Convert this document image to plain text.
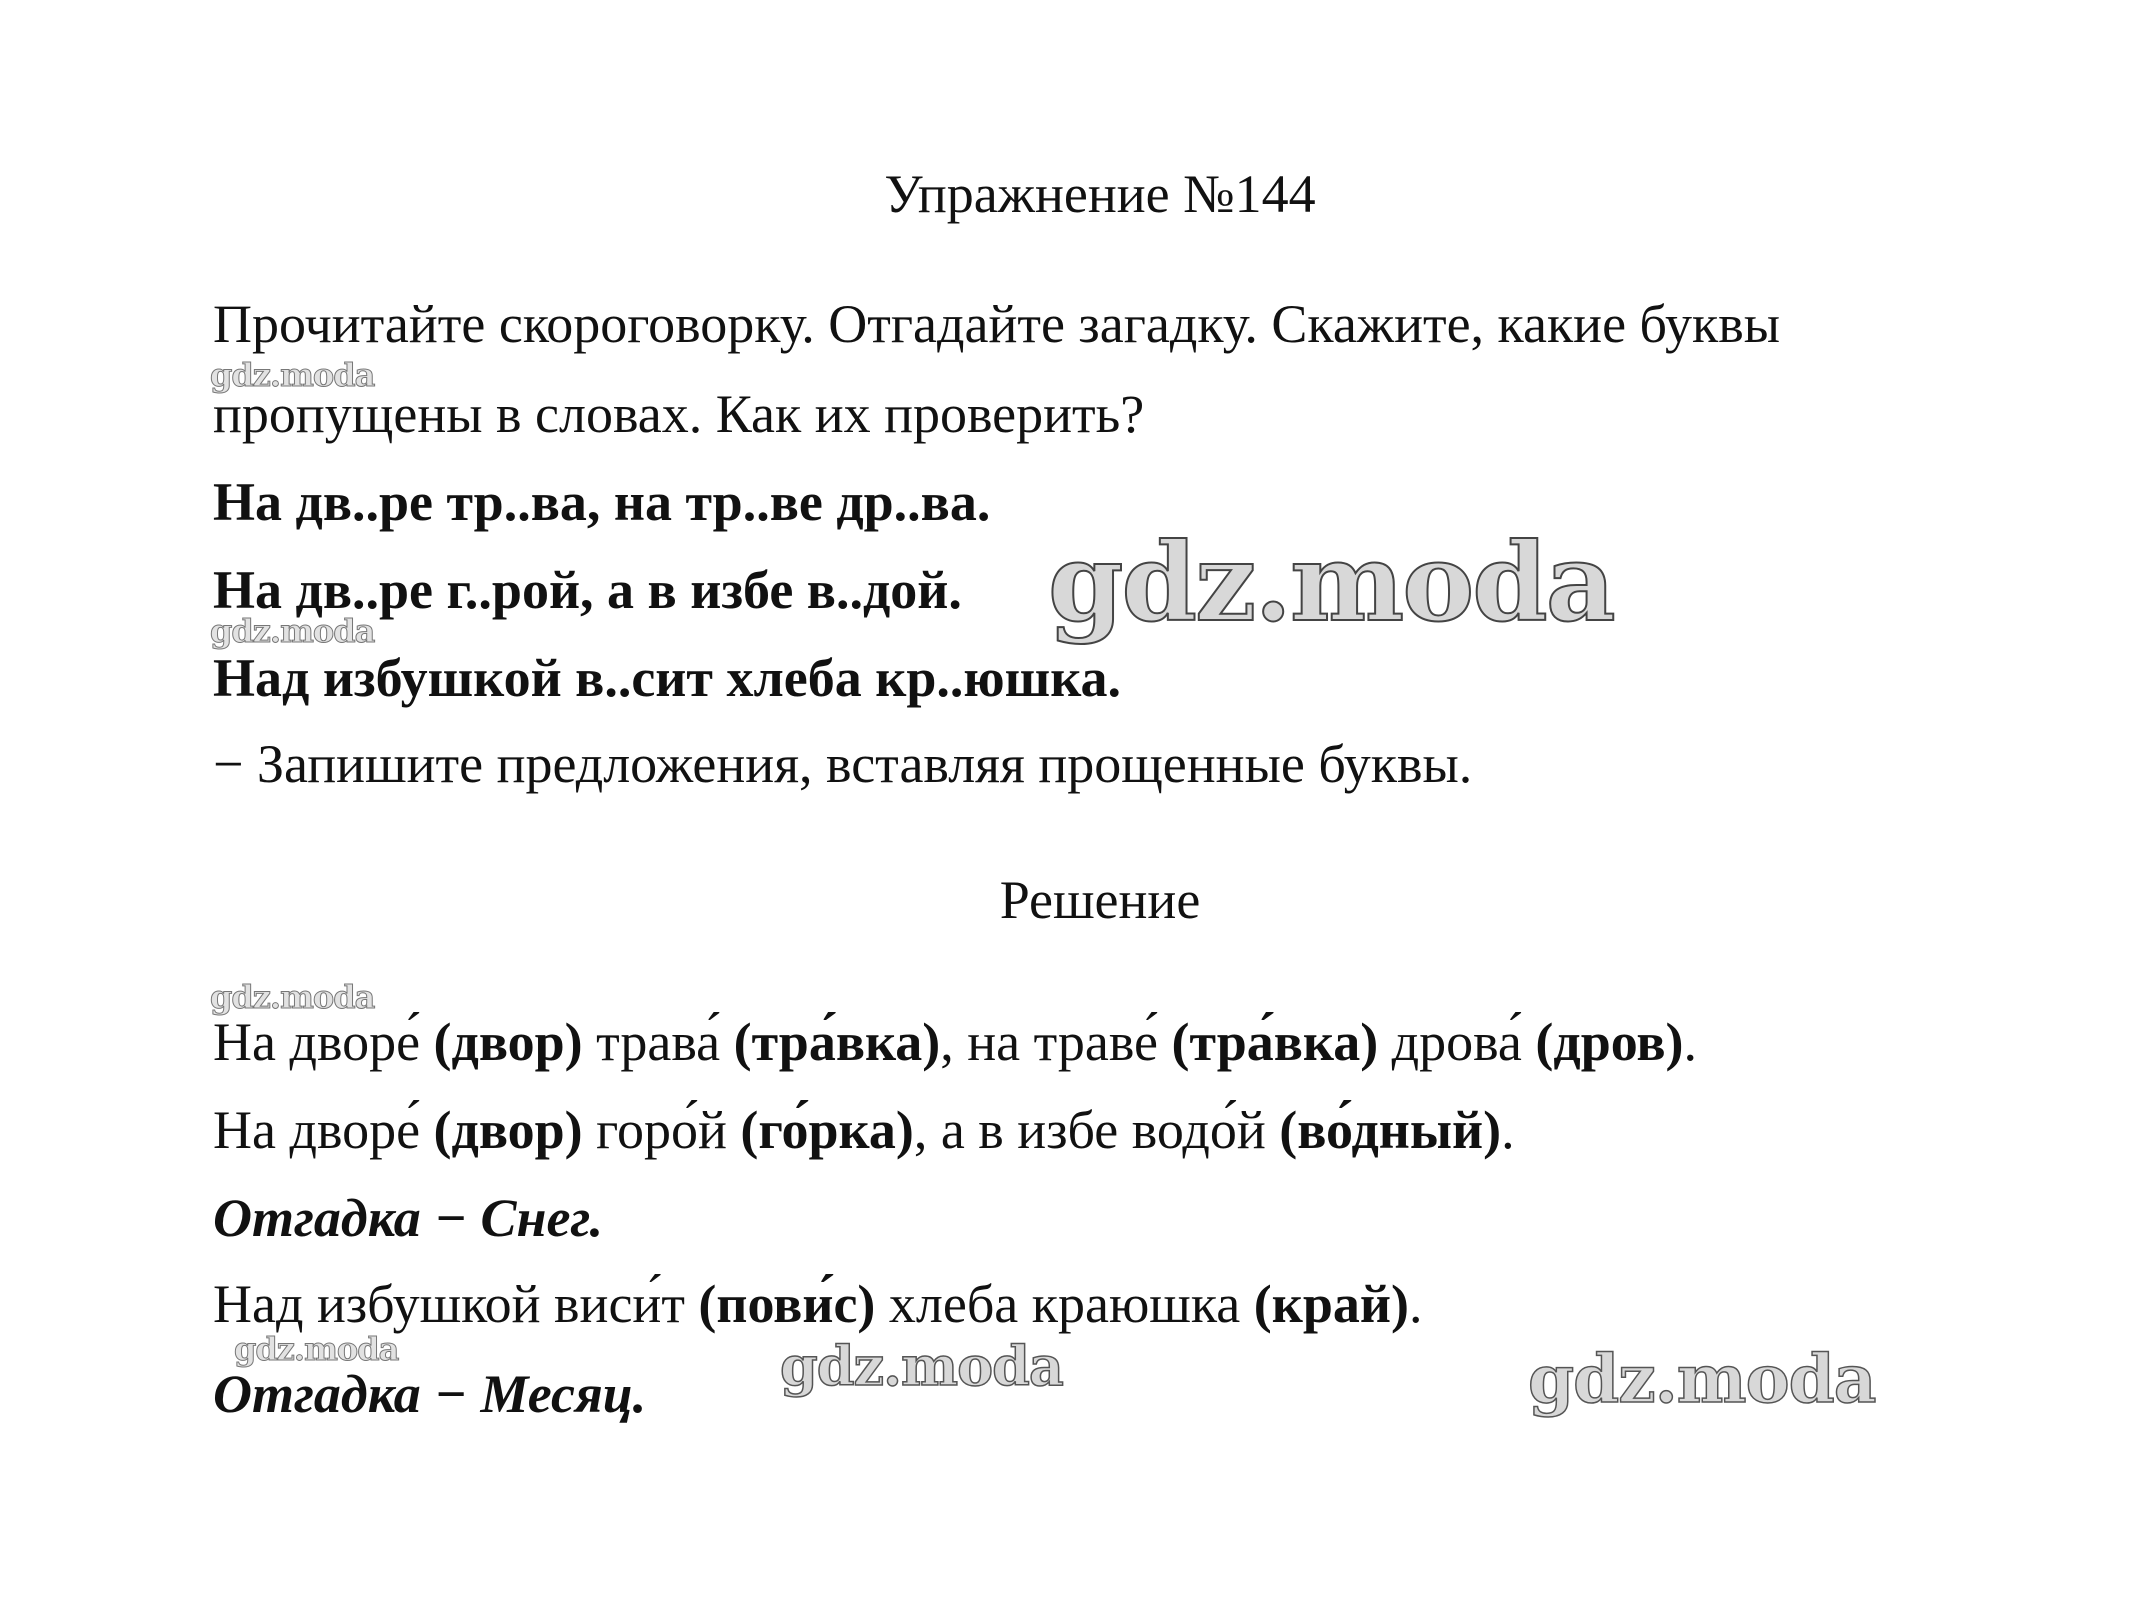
Упражнение №144
Прочитайте скороговорку. Отгадайте загадку. Скажите, какие буквы
пропущены в словах. Как их проверить?
На дв..ре тр..ва, на тр..ве др..ва.
На дв..ре г..рой, а в избе в..дой.
Над избушкой в..сит хлеба кр..юшка.
− Запишите предложения, вставляя прощенные буквы.
Решение
На дворе́ (двор) трава́ (тра́вка), на траве́ (тра́вка) дрова́ (дров).
На дворе́ (двор) горо́й (го́рка), а в избе водо́й (во́дный).
Отгадка − Снег.
Над избушкой виси́т (пови́с) хлеба краюшка (край).
Отгадка − Месяц.
gdz.moda
gdz.moda
gdz.moda
gdz.moda
gdz.moda
gdz.moda	gdz.moda
